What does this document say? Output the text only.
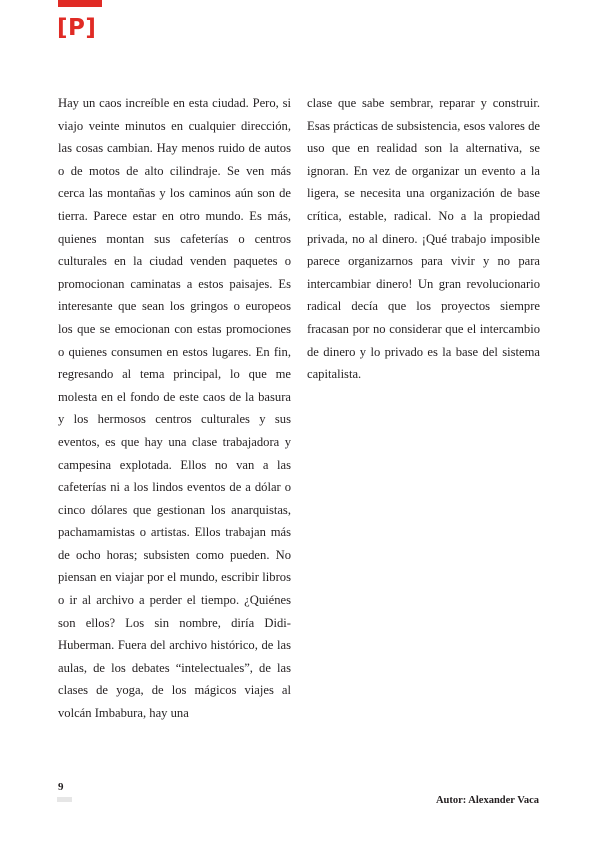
[P]

Hay un caos increíble en esta ciudad. Pero, si viajo veinte minutos en cualquier dirección, las cosas cambian. Hay menos ruido de autos o de motos de alto cilindraje. Se ven más cerca las montañas y los caminos aún son de tierra. Parece estar en otro mundo. Es más, quienes montan sus cafeterías o centros culturales en la ciudad venden paquetes o promocionan caminatas a estos paisajes. Es interesante que sean los gringos o europeos los que se emocionan con estas promociones o quienes consumen en estos lugares. En fin, regresando al tema principal, lo que me molesta en el fondo de este caos de la basura y los hermosos centros culturales y sus eventos, es que hay una clase trabajadora y campesina explotada. Ellos no van a las cafeterías ni a los lindos eventos de a dólar o cinco dólares que gestionan los anarquistas, pachamamistas o artistas. Ellos trabajan más de ocho horas; subsisten como pueden. No piensan en viajar por el mundo, escribir libros o ir al archivo a perder el tiempo. ¿Quiénes son ellos? Los sin nombre, diría Didi-Huberman. Fuera del archivo histórico, de las aulas, de los debates “intelectuales”, de las clases de yoga, de los mágicos viajes al volcán Imbabura, hay una

clase que sabe sembrar, reparar y construir. Esas prácticas de subsistencia, esos valores de uso que en realidad son la alternativa, se ignoran. En vez de organizar un evento a la ligera, se necesita una organización de base crítica, estable, radical. No a la propiedad privada, no al dinero. ¡Qué trabajo imposible parece organizarnos para vivir y no para intercambiar dinero! Un gran revolucionario radical decía que los proyectos siempre fracasan por no considerar que el intercambio de dinero y lo privado es la base del sistema capitalista.

9
Autor: Alexander Vaca
